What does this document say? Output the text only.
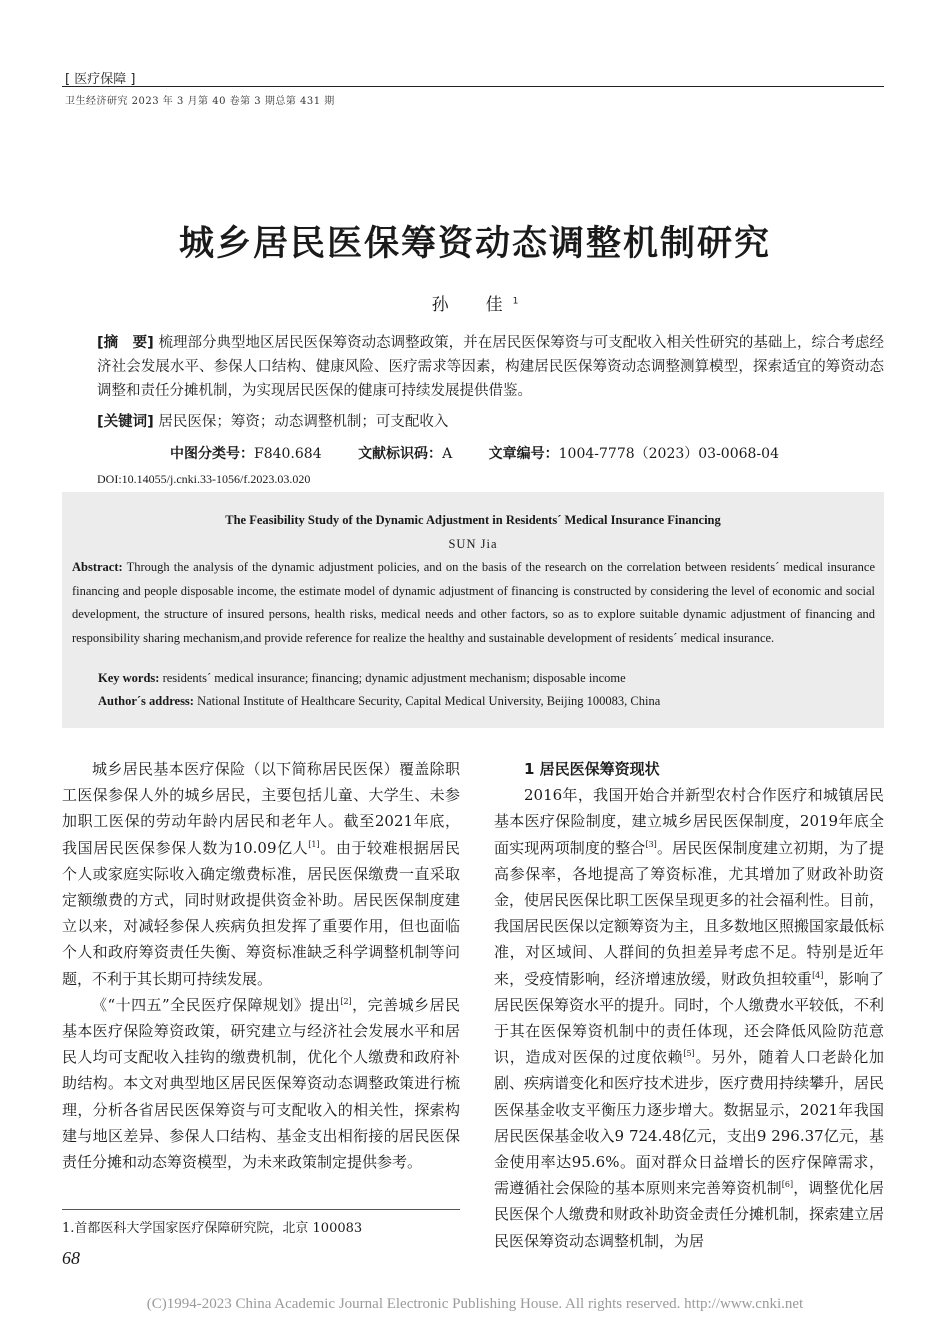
[ 医疗保障 ]
卫生经济研究 2023 年 3 月第 40 卷第 3 期总第 431 期
城乡居民医保筹资动态调整机制研究
孙　佳$^1$
[摘　要] 梳理部分典型地区居民医保筹资动态调整政策，并在居民医保筹资与可支配收入相关性研究的基础上，综合考虑经济社会发展水平、参保人口结构、健康风险、医疗需求等因素，构建居民医保筹资动态调整测算模型，探索适宜的筹资动态调整和责任分摊机制，为实现居民医保的健康可持续发展提供借鉴。
[关键词] 居民医保；筹资；动态调整机制；可支配收入
中图分类号：F840.684	文献标识码：A	文章编号：1004-7778（2023）03-0068-04
DOI:10.14055/j.cnki.33-1056/f.2023.03.020
The Feasibility Study of the Dynamic Adjustment in Residents´ Medical Insurance Financing
SUN Jia
Abstract: Through the analysis of the dynamic adjustment policies, and on the basis of the research on the correlation between residents´ medical insurance financing and people disposable income, the estimate model of dynamic adjustment of financing is constructed by considering the level of economic and social development, the structure of insured persons, health risks, medical needs and other factors, so as to explore suitable dynamic adjustment of financing and responsibility sharing mechanism,and provide reference for realize the healthy and sustainable development of residents´ medical insurance.
Key words: residents´ medical insurance; financing; dynamic adjustment mechanism; disposable income
Author´s address: National Institute of Healthcare Security, Capital Medical University, Beijing 100083, China

城乡居民基本医疗保险（以下简称居民医保）覆盖除职工医保参保人外的城乡居民，主要包括儿童、大学生、未参加职工医保的劳动年龄内居民和老年人。截至2021年底，我国居民医保参保人数为10.09亿人[1]。由于较难根据居民个人或家庭实际收入确定缴费标准，居民医保缴费一直采取定额缴费的方式，同时财政提供资金补助。居民医保制度建立以来，对减轻参保人疾病负担发挥了重要作用，但也面临个人和政府筹资责任失衡、筹资标准缺乏科学调整机制等问题，不利于其长期可持续发展。

《“十四五”全民医疗保障规划》提出[2]，完善城乡居民基本医疗保险筹资政策，研究建立与经济社会发展水平和居民人均可支配收入挂钩的缴费机制，优化个人缴费和政府补助结构。本文对典型地区居民医保筹资动态调整政策进行梳理，分析各省居民医保筹资与可支配收入的相关性，探索构建与地区差异、参保人口结构、基金支出相衔接的居民医保责任分摊和动态筹资模型，为未来政策制定提供参考。

1 居民医保筹资现状

2016年，我国开始合并新型农村合作医疗和城镇居民基本医疗保险制度，建立城乡居民医保制度，2019年底全面实现两项制度的整合[3]。居民医保制度建立初期，为了提高参保率，各地提高了筹资标准，尤其增加了财政补助资金，使居民医保比职工医保呈现更多的社会福利性。目前，我国居民医保以定额筹资为主，且多数地区照搬国家最低标准，对区域间、人群间的负担差异考虑不足。特别是近年来，受疫情影响，经济增速放缓，财政负担较重[4]，影响了居民医保筹资水平的提升。同时，个人缴费水平较低，不利于其在医保筹资机制中的责任体现，还会降低风险防范意识，造成对医保的过度依赖[5]。另外，随着人口老龄化加剧、疾病谱变化和医疗技术进步，医疗费用持续攀升，居民医保基金收支平衡压力逐步增大。数据显示，2021年我国居民医保基金收入9 724.48亿元，支出9 296.37亿元，基金使用率达95.6%。面对群众日益增长的医疗保障需求，需遵循社会保险的基本原则来完善筹资机制[6]，调整优化居民医保个人缴费和财政补助资金责任分摊机制，探索建立居民医保筹资动态调整机制，为居

1.首都医科大学国家医疗保障研究院，北京 100083
68
(C)1994-2023 China Academic Journal Electronic Publishing House. All rights reserved. http://www.cnki.net
